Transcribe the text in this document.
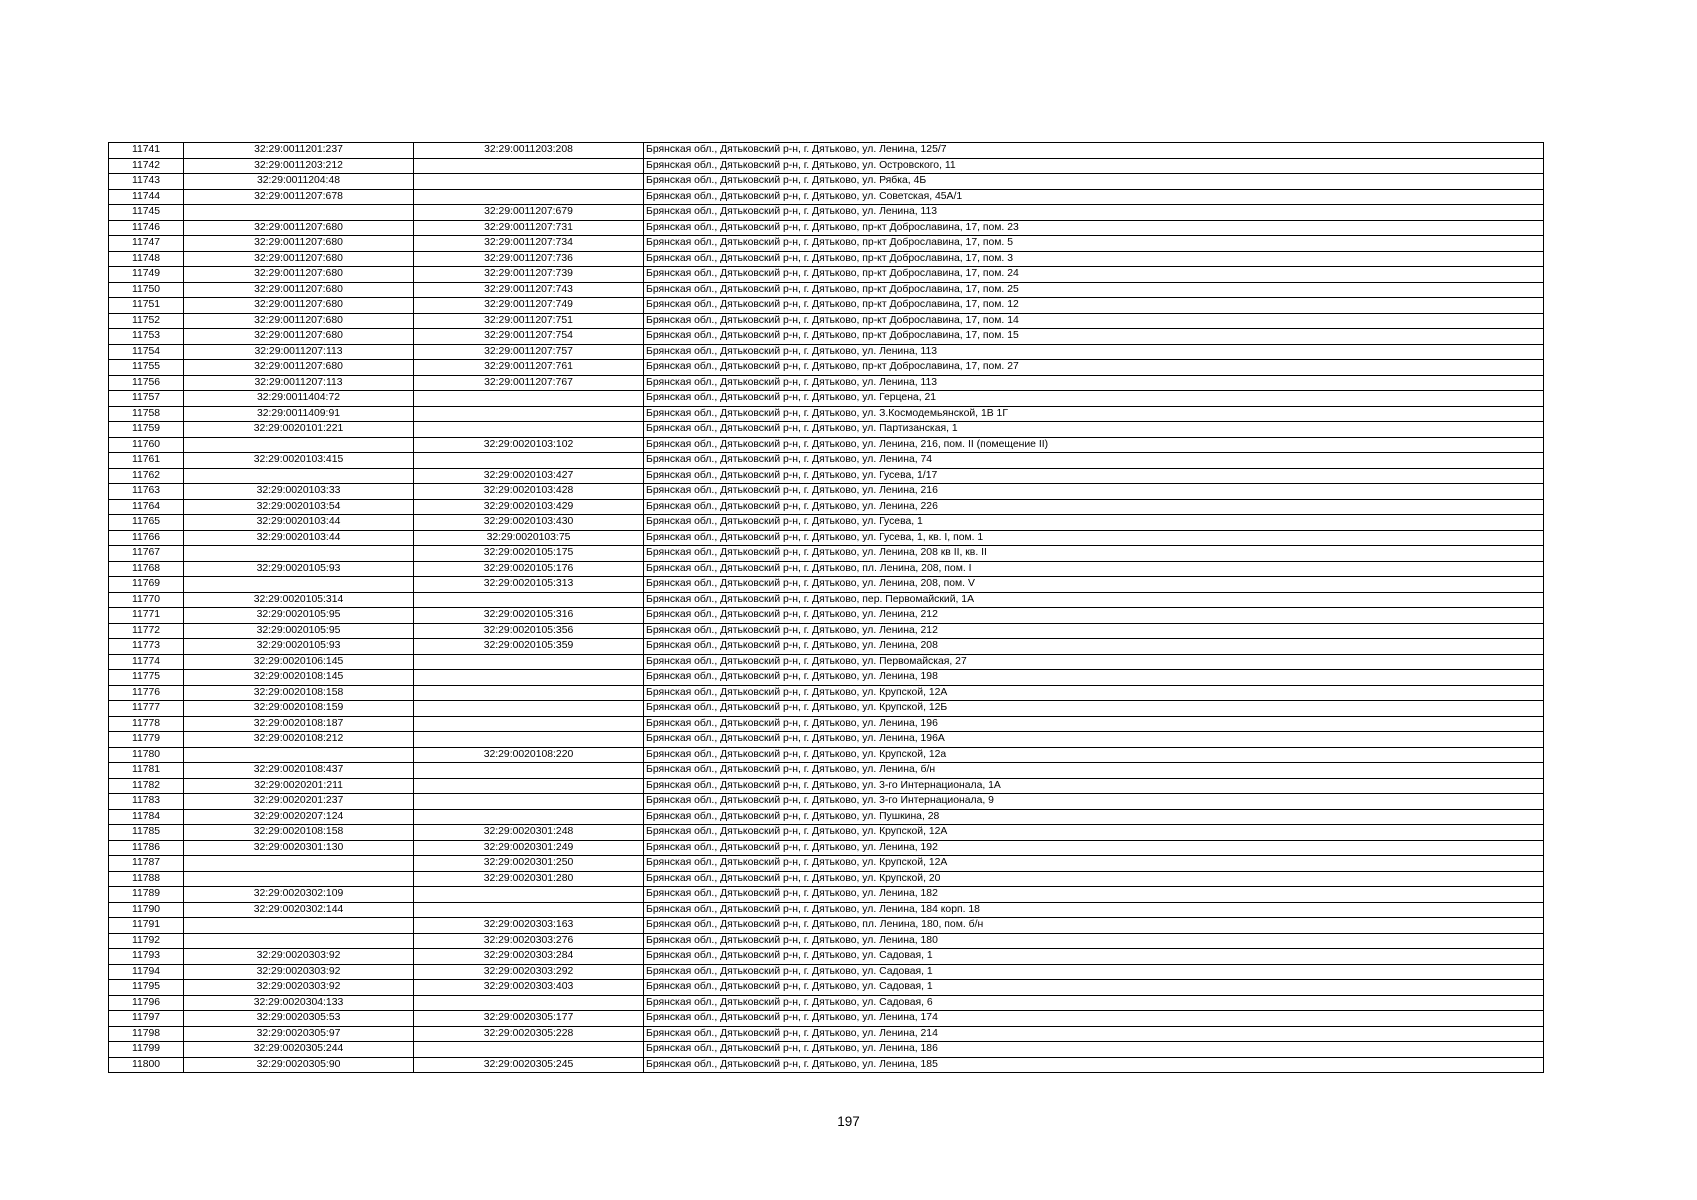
11741	32:29:0011201:237	32:29:0011203:208	Брянская обл., Дятьковский р-н, г. Дятьково, ул. Ленина, 125/7
11742	32:29:0011203:212		Брянская обл., Дятьковский р-н, г. Дятьково, ул. Островского, 11
11743	32:29:0011204:48		Брянская обл., Дятьковский р-н, г. Дятьково, ул. Рябка, 4Б
11744	32:29:0011207:678		Брянская обл., Дятьковский р-н, г. Дятьково, ул. Советская, 45А/1
11745		32:29:0011207:679	Брянская обл., Дятьковский р-н, г. Дятьково, ул. Ленина, 113
11746	32:29:0011207:680	32:29:0011207:731	Брянская обл., Дятьковский р-н, г. Дятьково, пр-кт Доброславина, 17, пом. 23
11747	32:29:0011207:680	32:29:0011207:734	Брянская обл., Дятьковский р-н, г. Дятьково, пр-кт Доброславина, 17, пом. 5
11748	32:29:0011207:680	32:29:0011207:736	Брянская обл., Дятьковский р-н, г. Дятьково, пр-кт Доброславина, 17, пом. 3
11749	32:29:0011207:680	32:29:0011207:739	Брянская обл., Дятьковский р-н, г. Дятьково, пр-кт Доброславина, 17, пом. 24
11750	32:29:0011207:680	32:29:0011207:743	Брянская обл., Дятьковский р-н, г. Дятьково, пр-кт Доброславина, 17, пом. 25
11751	32:29:0011207:680	32:29:0011207:749	Брянская обл., Дятьковский р-н, г. Дятьково, пр-кт Доброславина, 17, пом. 12
11752	32:29:0011207:680	32:29:0011207:751	Брянская обл., Дятьковский р-н, г. Дятьково, пр-кт Доброславина, 17, пом. 14
11753	32:29:0011207:680	32:29:0011207:754	Брянская обл., Дятьковский р-н, г. Дятьково, пр-кт Доброславина, 17, пом. 15
11754	32:29:0011207:113	32:29:0011207:757	Брянская обл., Дятьковский р-н, г. Дятьково, ул. Ленина, 113
11755	32:29:0011207:680	32:29:0011207:761	Брянская обл., Дятьковский р-н, г. Дятьково, пр-кт Доброславина, 17, пом. 27
11756	32:29:0011207:113	32:29:0011207:767	Брянская обл., Дятьковский р-н, г. Дятьково, ул. Ленина, 113
11757	32:29:0011404:72		Брянская обл., Дятьковский р-н, г. Дятьково, ул. Герцена, 21
11758	32:29:0011409:91		Брянская обл., Дятьковский р-н, г. Дятьково, ул. З.Космодемьянской, 1В 1Г
11759	32:29:0020101:221		Брянская обл., Дятьковский р-н, г. Дятьково, ул. Партизанская, 1
11760		32:29:0020103:102	Брянская обл., Дятьковский р-н, г. Дятьково, ул. Ленина, 216, пом. II (помещение II)
11761	32:29:0020103:415		Брянская обл., Дятьковский р-н, г. Дятьково, ул. Ленина, 74
11762		32:29:0020103:427	Брянская обл., Дятьковский р-н, г. Дятьково, ул. Гусева, 1/17
11763	32:29:0020103:33	32:29:0020103:428	Брянская обл., Дятьковский р-н, г. Дятьково, ул. Ленина, 216
11764	32:29:0020103:54	32:29:0020103:429	Брянская обл., Дятьковский р-н, г. Дятьково, ул. Ленина, 226
11765	32:29:0020103:44	32:29:0020103:430	Брянская обл., Дятьковский р-н, г. Дятьково, ул. Гусева, 1
11766	32:29:0020103:44	32:29:0020103:75	Брянская обл., Дятьковский р-н, г. Дятьково, ул. Гусева, 1, кв. I, пом. 1
11767		32:29:0020105:175	Брянская обл., Дятьковский р-н, г. Дятьково, ул. Ленина, 208 кв II, кв. II
11768	32:29:0020105:93	32:29:0020105:176	Брянская обл., Дятьковский р-н, г. Дятьково, пл. Ленина, 208, пом. I
11769		32:29:0020105:313	Брянская обл., Дятьковский р-н, г. Дятьково, ул. Ленина, 208, пом. V
11770	32:29:0020105:314		Брянская обл., Дятьковский р-н, г. Дятьково, пер. Первомайский, 1А
11771	32:29:0020105:95	32:29:0020105:316	Брянская обл., Дятьковский р-н, г. Дятьково, ул. Ленина, 212
11772	32:29:0020105:95	32:29:0020105:356	Брянская обл., Дятьковский р-н, г. Дятьково, ул. Ленина, 212
11773	32:29:0020105:93	32:29:0020105:359	Брянская обл., Дятьковский р-н, г. Дятьково, ул. Ленина, 208
11774	32:29:0020106:145		Брянская обл., Дятьковский р-н, г. Дятьково, ул. Первомайская, 27
11775	32:29:0020108:145		Брянская обл., Дятьковский р-н, г. Дятьково, ул. Ленина, 198
11776	32:29:0020108:158		Брянская обл., Дятьковский р-н, г. Дятьково, ул. Крупской, 12А
11777	32:29:0020108:159		Брянская обл., Дятьковский р-н, г. Дятьково, ул. Крупской, 12Б
11778	32:29:0020108:187		Брянская обл., Дятьковский р-н, г. Дятьково, ул. Ленина, 196
11779	32:29:0020108:212		Брянская обл., Дятьковский р-н, г. Дятьково, ул. Ленина, 196А
11780		32:29:0020108:220	Брянская обл., Дятьковский р-н, г. Дятьково, ул. Крупской, 12а
11781	32:29:0020108:437		Брянская обл., Дятьковский р-н, г. Дятьково, ул. Ленина, б/н
11782	32:29:0020201:211		Брянская обл., Дятьковский р-н, г. Дятьково, ул. 3-го Интернационала, 1А
11783	32:29:0020201:237		Брянская обл., Дятьковский р-н, г. Дятьково, ул. 3-го Интернационала, 9
11784	32:29:0020207:124		Брянская обл., Дятьковский р-н, г. Дятьково, ул. Пушкина, 28
11785	32:29:0020108:158	32:29:0020301:248	Брянская обл., Дятьковский р-н, г. Дятьково, ул. Крупской, 12А
11786	32:29:0020301:130	32:29:0020301:249	Брянская обл., Дятьковский р-н, г. Дятьково, ул. Ленина, 192
11787		32:29:0020301:250	Брянская обл., Дятьковский р-н, г. Дятьково, ул. Крупской, 12А
11788		32:29:0020301:280	Брянская обл., Дятьковский р-н, г. Дятьково, ул. Крупской, 20
11789	32:29:0020302:109		Брянская обл., Дятьковский р-н, г. Дятьково, ул. Ленина, 182
11790	32:29:0020302:144		Брянская обл., Дятьковский р-н, г. Дятьково, ул. Ленина, 184 корп. 18
11791		32:29:0020303:163	Брянская обл., Дятьковский р-н, г. Дятьково, пл. Ленина, 180, пом. б/н
11792		32:29:0020303:276	Брянская обл., Дятьковский р-н, г. Дятьково, ул. Ленина, 180
11793	32:29:0020303:92	32:29:0020303:284	Брянская обл., Дятьковский р-н, г. Дятьково, ул. Садовая, 1
11794	32:29:0020303:92	32:29:0020303:292	Брянская обл., Дятьковский р-н, г. Дятьково, ул. Садовая, 1
11795	32:29:0020303:92	32:29:0020303:403	Брянская обл., Дятьковский р-н, г. Дятьково, ул. Садовая, 1
11796	32:29:0020304:133		Брянская обл., Дятьковский р-н, г. Дятьково, ул. Садовая, 6
11797	32:29:0020305:53	32:29:0020305:177	Брянская обл., Дятьковский р-н, г. Дятьково, ул. Ленина, 174
11798	32:29:0020305:97	32:29:0020305:228	Брянская обл., Дятьковский р-н, г. Дятьково, ул. Ленина, 214
11799	32:29:0020305:244		Брянская обл., Дятьковский р-н, г. Дятьково, ул. Ленина, 186
11800	32:29:0020305:90	32:29:0020305:245	Брянская обл., Дятьковский р-н, г. Дятьково, ул. Ленина, 185
197
